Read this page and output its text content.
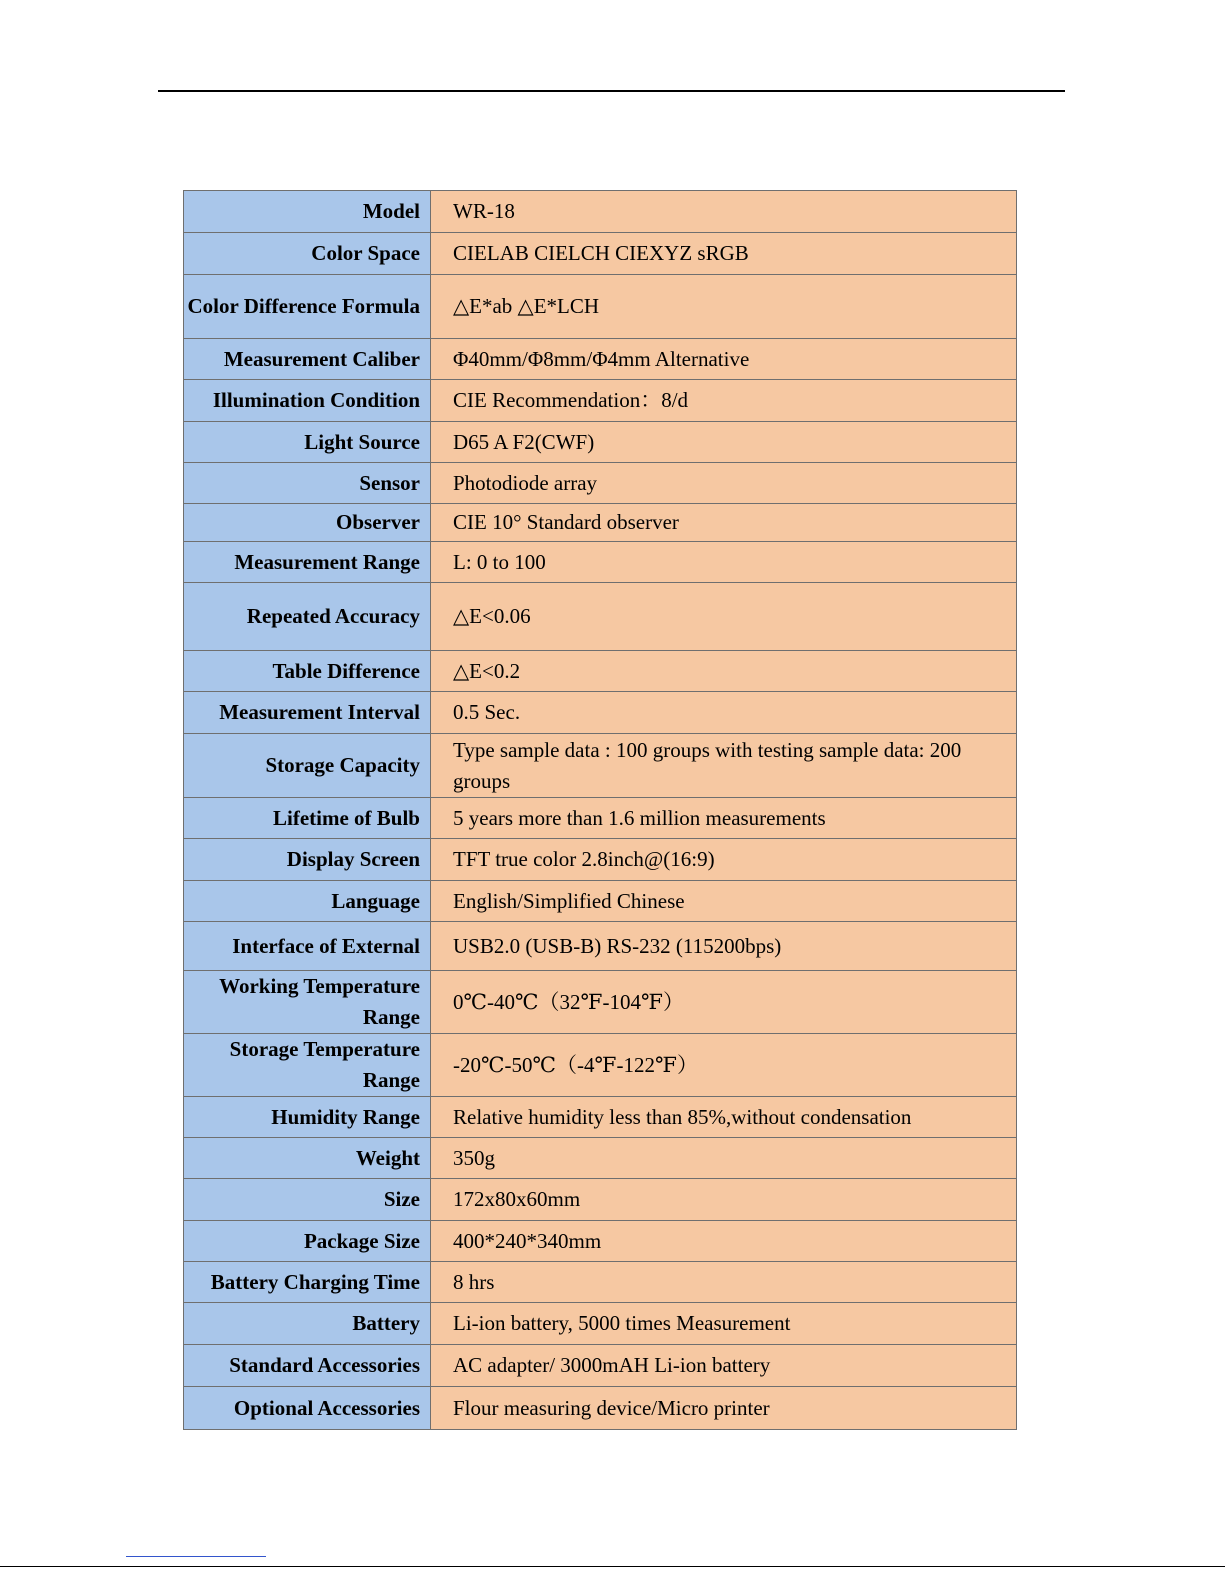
Model	WR-18
Color Space	CIELAB CIELCH CIEXYZ sRGB
Color Difference Formula	△E*ab △E*LCH
Measurement Caliber	Φ40mm/Φ8mm/Φ4mm Alternative
Illumination Condition	CIE Recommendation：8/d
Light Source	D65 A F2(CWF)
Sensor	Photodiode array
Observer	CIE 10° Standard observer
Measurement Range	L: 0 to 100
Repeated Accuracy	△E<0.06
Table Difference	△E<0.2
Measurement Interval	0.5 Sec.
Storage Capacity	Type sample data : 100 groups with testing sample data: 200 groups
Lifetime of Bulb	5 years more than 1.6 million measurements
Display Screen	TFT true color 2.8inch@(16:9)
Language	English/Simplified Chinese
Interface of External	USB2.0 (USB-B) RS-232 (115200bps)
Working Temperature Range	0℃-40℃（32℉-104℉）
Storage Temperature Range	-20℃-50℃（-4℉-122℉）
Humidity Range	Relative humidity less than 85%,without condensation
Weight	350g
Size	172x80x60mm
Package Size	400*240*340mm
Battery Charging Time	8 hrs
Battery	Li-ion battery, 5000 times Measurement
Standard Accessories	AC adapter/ 3000mAH Li-ion battery
Optional Accessories	Flour measuring device/Micro printer
